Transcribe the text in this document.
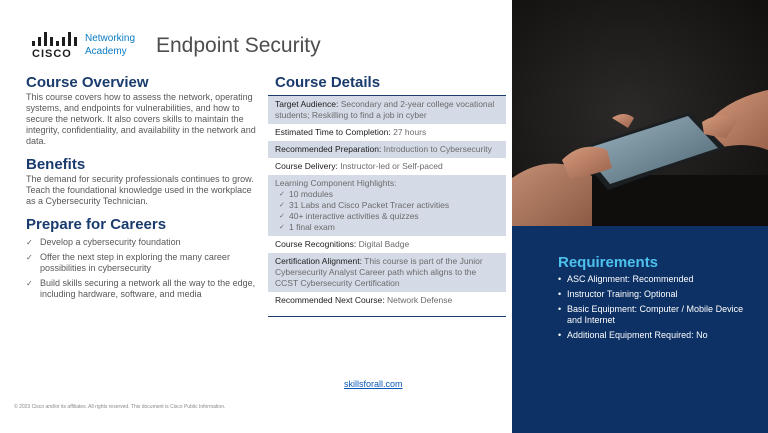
CISCO
Networking
Academy	Endpoint Security
Course Overview

This course covers how to assess the network, operating systems, and endpoints for vulnerabilities, and how to secure the network. It also covers skills to maintain the integrity, confidentiality, and availability in the network and data.

Benefits

The demand for security professionals continues to grow. Teach the foundational knowledge used in the workplace as a Cybersecurity Technician.

Prepare for Careers
✓ Develop a cybersecurity foundation
✓ Offer the next step in exploring the many career possibilities in cybersecurity
✓ Build skills securing a network all the way to the edge, including hardware, software, and media
Course Details
Target Audience: Secondary and 2-year college vocational students; Reskilling to find a job in cyber
Estimated Time to Completion: 27 hours
Recommended Preparation: Introduction to Cybersecurity
Course Delivery: Instructor-led or Self-paced
Learning Component Highlights:
✓ 10 modules
✓ 31 Labs and Cisco Packet Tracer activities
✓ 40+ interactive activities & quizzes
✓ 1 final exam
Course Recognitions: Digital Badge
Certification Alignment: This course is part of the Junior Cybersecurity Analyst Career path which aligns to the CCST Cybersecurity Certification
Recommended Next Course: Network Defense
skillsforall.com
© 2023 Cisco and/or its affiliates. All rights reserved. This document is Cisco Public Information.
Requirements
• ASC Alignment: Recommended
• Instructor Training: Optional
• Basic Equipment: Computer / Mobile Device and Internet
• Additional Equipment Required: No
